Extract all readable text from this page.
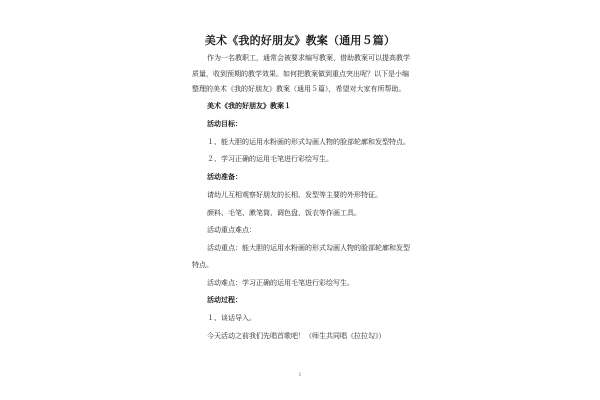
美术《我的好朋友》教案（通用５篇）
作为一名教职工，通常会被要求编写教案，借助教案可以提高教学
质量，收到预期的教学效果。如何把教案做到重点突出呢？以下是小编
整理的美术《我的好朋友》教案（通用５篇），希望对大家有所帮助。
美术《我的好朋友》教案１
活动目标：
１、能大胆的运用水粉画的形式勾画人物的脸部轮廓和发型特点。
２、学习正确的运用毛笔进行彩绘写生。
活动准备：
请幼儿互相观察好朋友的长相、发型等主要的外形特征。
颜料、毛笔、漱笔筒、调色盘、饭衣等作画工具。
活动重点难点：
活动重点：能大胆的运用水粉画的形式勾画人物的脸部轮廓和发型
特点。
活动难点：学习正确的运用毛笔进行彩绘写生。
活动过程：
１、谈话导入。
今天活动之前我们先唱首歌吧！（师生共同唱《拉拉勾》）
1
